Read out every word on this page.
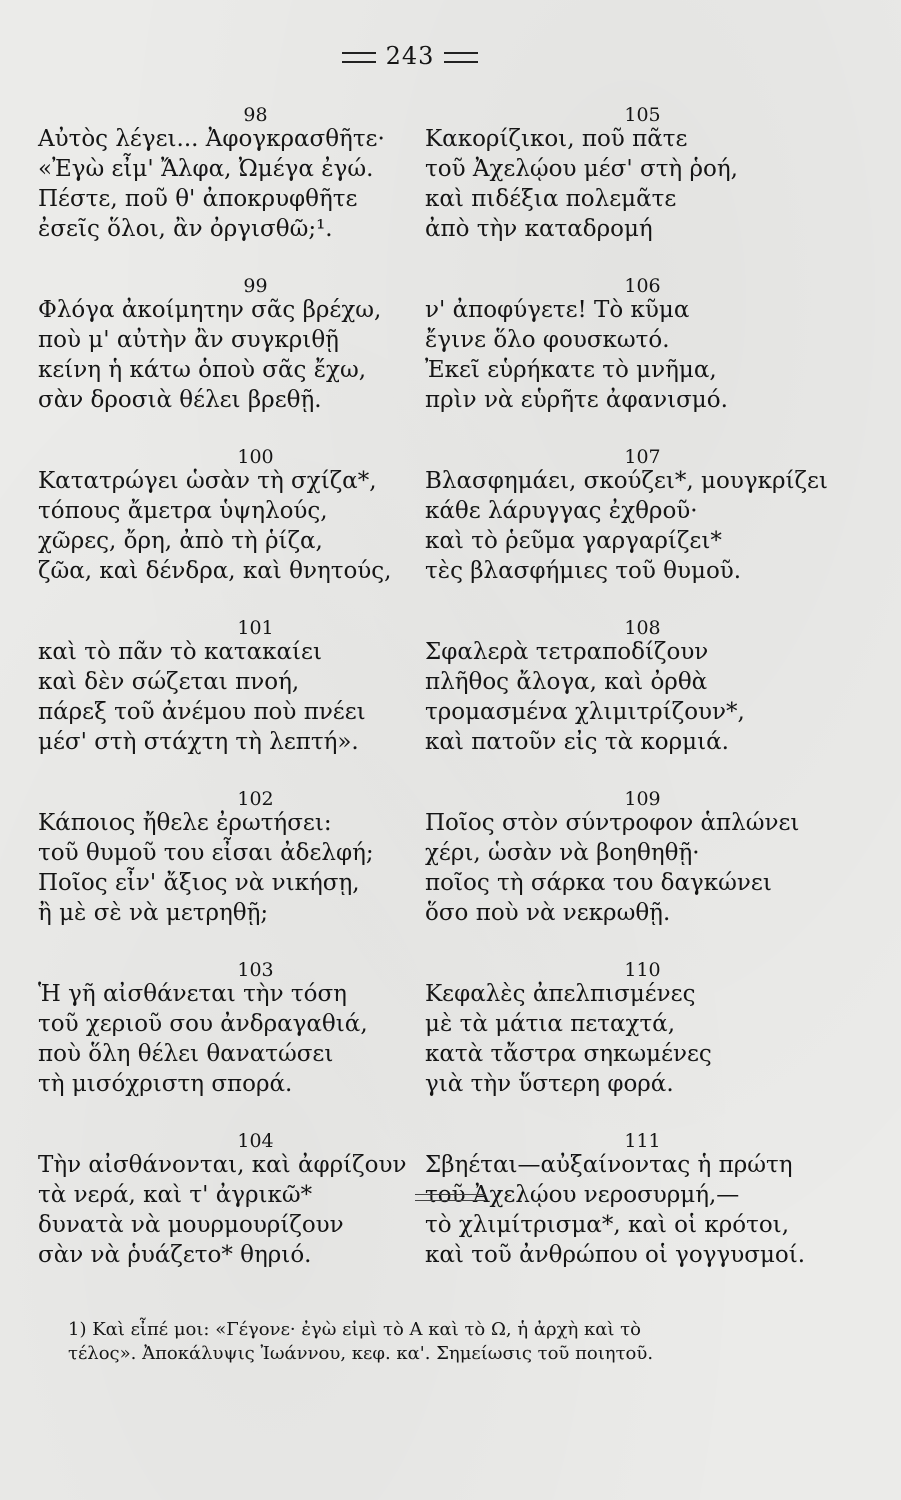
243
98
Αὐτὸς λέγει... Ἀφογκρασθῆτε·
«Ἐγὼ εἶμ' Ἄλφα, Ὠμέγα ἐγώ.
Πέστε, ποῦ θ' ἀποκρυφθῆτε
ἐσεῖς ὅλοι, ἂν ὀργισθῶ;¹.
99
Φλόγα ἀκοίμητην σᾶς βρέχω,
ποὺ μ' αὐτὴν ἂν συγκριθῇ
κείνη ἡ κάτω ὁποὺ σᾶς ἔχω,
σὰν δροσιὰ θέλει βρεθῇ.
100
Κατατρώγει ὡσὰν τὴ σχίζα*,
τόπους ἄμετρα ὑψηλούς,
χῶρες, ὄρη, ἀπὸ τὴ ῥίζα,
ζῶα, καὶ δένδρα, καὶ θνητούς,
101
καὶ τὸ πᾶν τὸ κατακαίει
καὶ δὲν σώζεται πνοή,
πάρεξ τοῦ ἀνέμου ποὺ πνέει
μέσ' στὴ στάχτη τὴ λεπτή».
102
Κάποιος ἤθελε ἐρωτήσει:
τοῦ θυμοῦ του εἶσαι ἀδελφή;
Ποῖος εἶν' ἄξιος νὰ νικήσῃ,
ἢ μὲ σὲ νὰ μετρηθῇ;
103
Ἡ γῆ αἰσθάνεται τὴν τόση
τοῦ χεριοῦ σου ἀνδραγαθιά,
ποὺ ὅλη θέλει θανατώσει
τὴ μισόχριστη σπορά.
104
Τὴν αἰσθάνονται, καὶ ἀφρίζουν
τὰ νερά, καὶ τ' ἀγρικῶ*
δυνατὰ νὰ μουρμουρίζουν
σὰν νὰ ῥυάζετο* θηριό.
105
Κακορίζικοι, ποῦ πᾶτε
τοῦ Ἀχελῴου μέσ' στὴ ῥοή,
καὶ πιδέξια πολεμᾶτε
ἀπὸ τὴν καταδρομή
106
ν' ἀποφύγετε! Τὸ κῦμα
ἔγινε ὅλο φουσκωτό.
Ἐκεῖ εὑρήκατε τὸ μνῆμα,
πρὶν νὰ εὑρῆτε ἀφανισμό.
107
Βλασφημάει, σκούζει*, μουγκρίζει
κάθε λάρυγγας ἐχθροῦ·
καὶ τὸ ῥεῦμα γαργαρίζει*
τὲς βλασφήμιες τοῦ θυμοῦ.
108
Σφαλερὰ τετραποδίζουν
πλῆθος ἄλογα, καὶ ὀρθὰ
τρομασμένα χλιμιτρίζουν*,
καὶ πατοῦν εἰς τὰ κορμιά.
109
Ποῖος στὸν σύντροφον ἁπλώνει
χέρι, ὡσὰν νὰ βοηθηθῇ·
ποῖος τὴ σάρκα του δαγκώνει
ὅσο ποὺ νὰ νεκρωθῇ.
110
Κεφαλὲς ἀπελπισμένες
μὲ τὰ μάτια πεταχτά,
κατὰ τἄστρα σηκωμένες
γιὰ τὴν ὕστερη φορά.
111
Σβηέται—αὐξαίνοντας ἡ πρώτη
τοῦ Ἀχελῴου νεροσυρμή,—
τὸ χλιμίτρισμα*, καὶ οἱ κρότοι,
καὶ τοῦ ἀνθρώπου οἱ γογγυσμοί.
1) Καὶ εἶπέ μοι: «Γέγονε· ἐγὼ εἰμὶ τὸ Α καὶ τὸ Ω, ἡ ἀρχὴ καὶ τὸ
τέλος». Ἀποκάλυψις Ἰωάννου, κεφ. κα'. Σημείωσις τοῦ ποιητοῦ.
